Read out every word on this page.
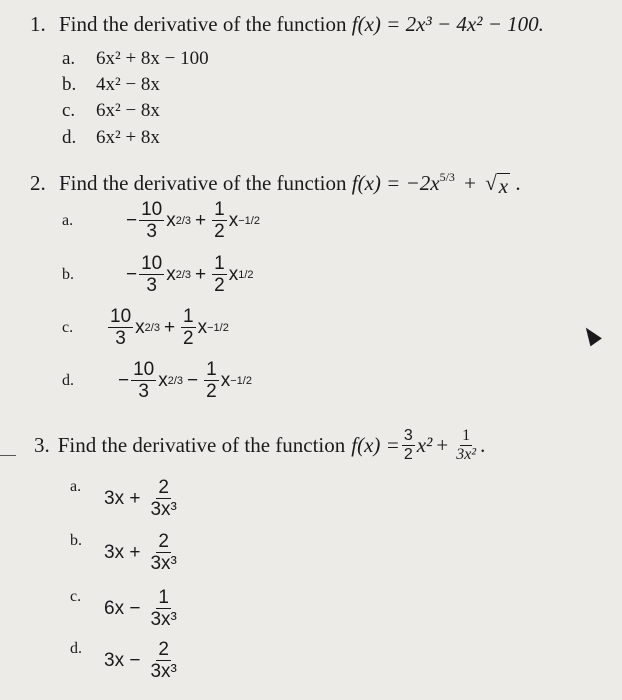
1. Find the derivative of the function f(x) = 2x³ − 4x² − 100.
a.	6x² + 8x − 100
b.	4x² − 8x
c.	6x² − 8x
d.	6x² + 8x
2. Find the derivative of the function $f(x) = -2x^{5/3}$ + √ x .
a.	− $\frac{10}{3}$ x $2/3 + \frac{1}{2}$ x −1/2
b.	− $\frac{10}{3}$ x $2/3 + \frac{1}{2}$ x 1/2
c.	$\frac{10}{3}$ x $2/3 + \frac{1}{2}$ x −1/2
d.	− $\frac{10}{3}$ x $2/3 - \frac{1}{2}$ x −1/2
3. Find the derivative of the function $f(x) = \frac{3}{2} x^2 + \frac{1}{\text{3x²}}$ .
a.
$3x + \frac{2}{\text{3x³}}$
b.
$3x + \frac{2}{\text{3x³}}$
c.
$6x - \frac{1}{\text{3x³}}$
d.
$3x - \frac{2}{\text{3x³}}$
